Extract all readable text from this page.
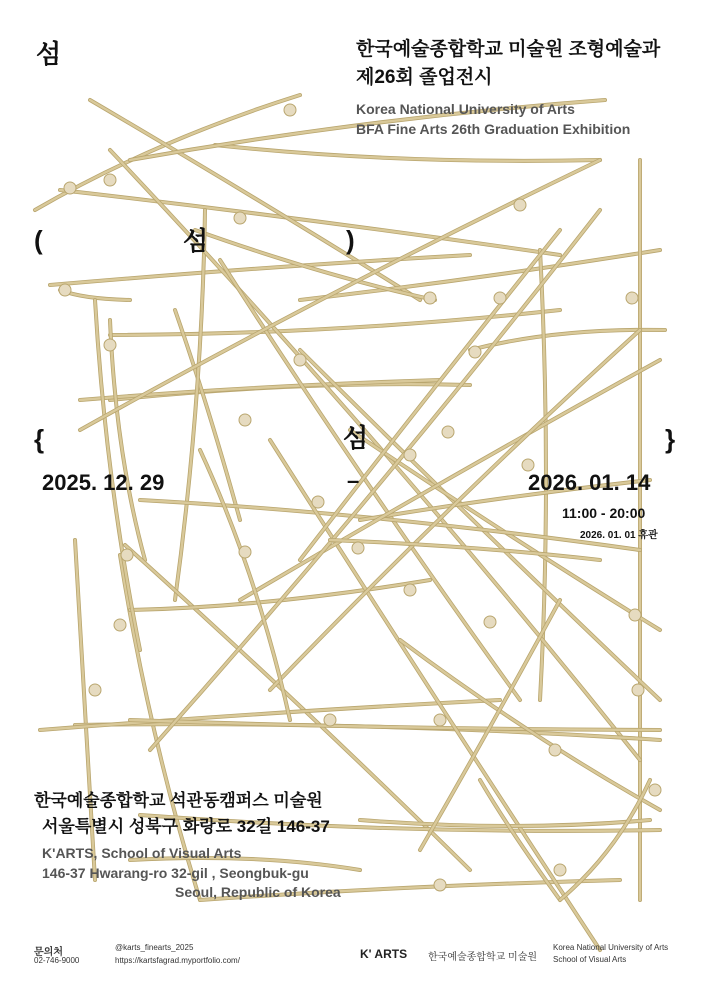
섬	한국예술종합학교 미술원 조형예술과
제26회 졸업전시
Korea National University of Arts
BFA Fine Arts 26th Graduation Exhibition
(	섬	)
{	섬	}
2025. 12. 29	–	2026. 01. 14
11:00 - 20:00
2026. 01. 01 휴관
한국예술종합학교 석관동캠퍼스 미술원
서울특별시 성북구 화랑로 32길 146-37
K'ARTS, School of Visual Arts
146-37 Hwarang-ro 32-gil , Seongbuk-gu
Seoul, Republic of Korea
문의처
02-746-9000
@karts_finearts_2025
https://kartsfagrad.myportfolio.com/	K' ARTS 한국예술종합학교 미술원
Korea National University of Arts
School of Visual Arts
